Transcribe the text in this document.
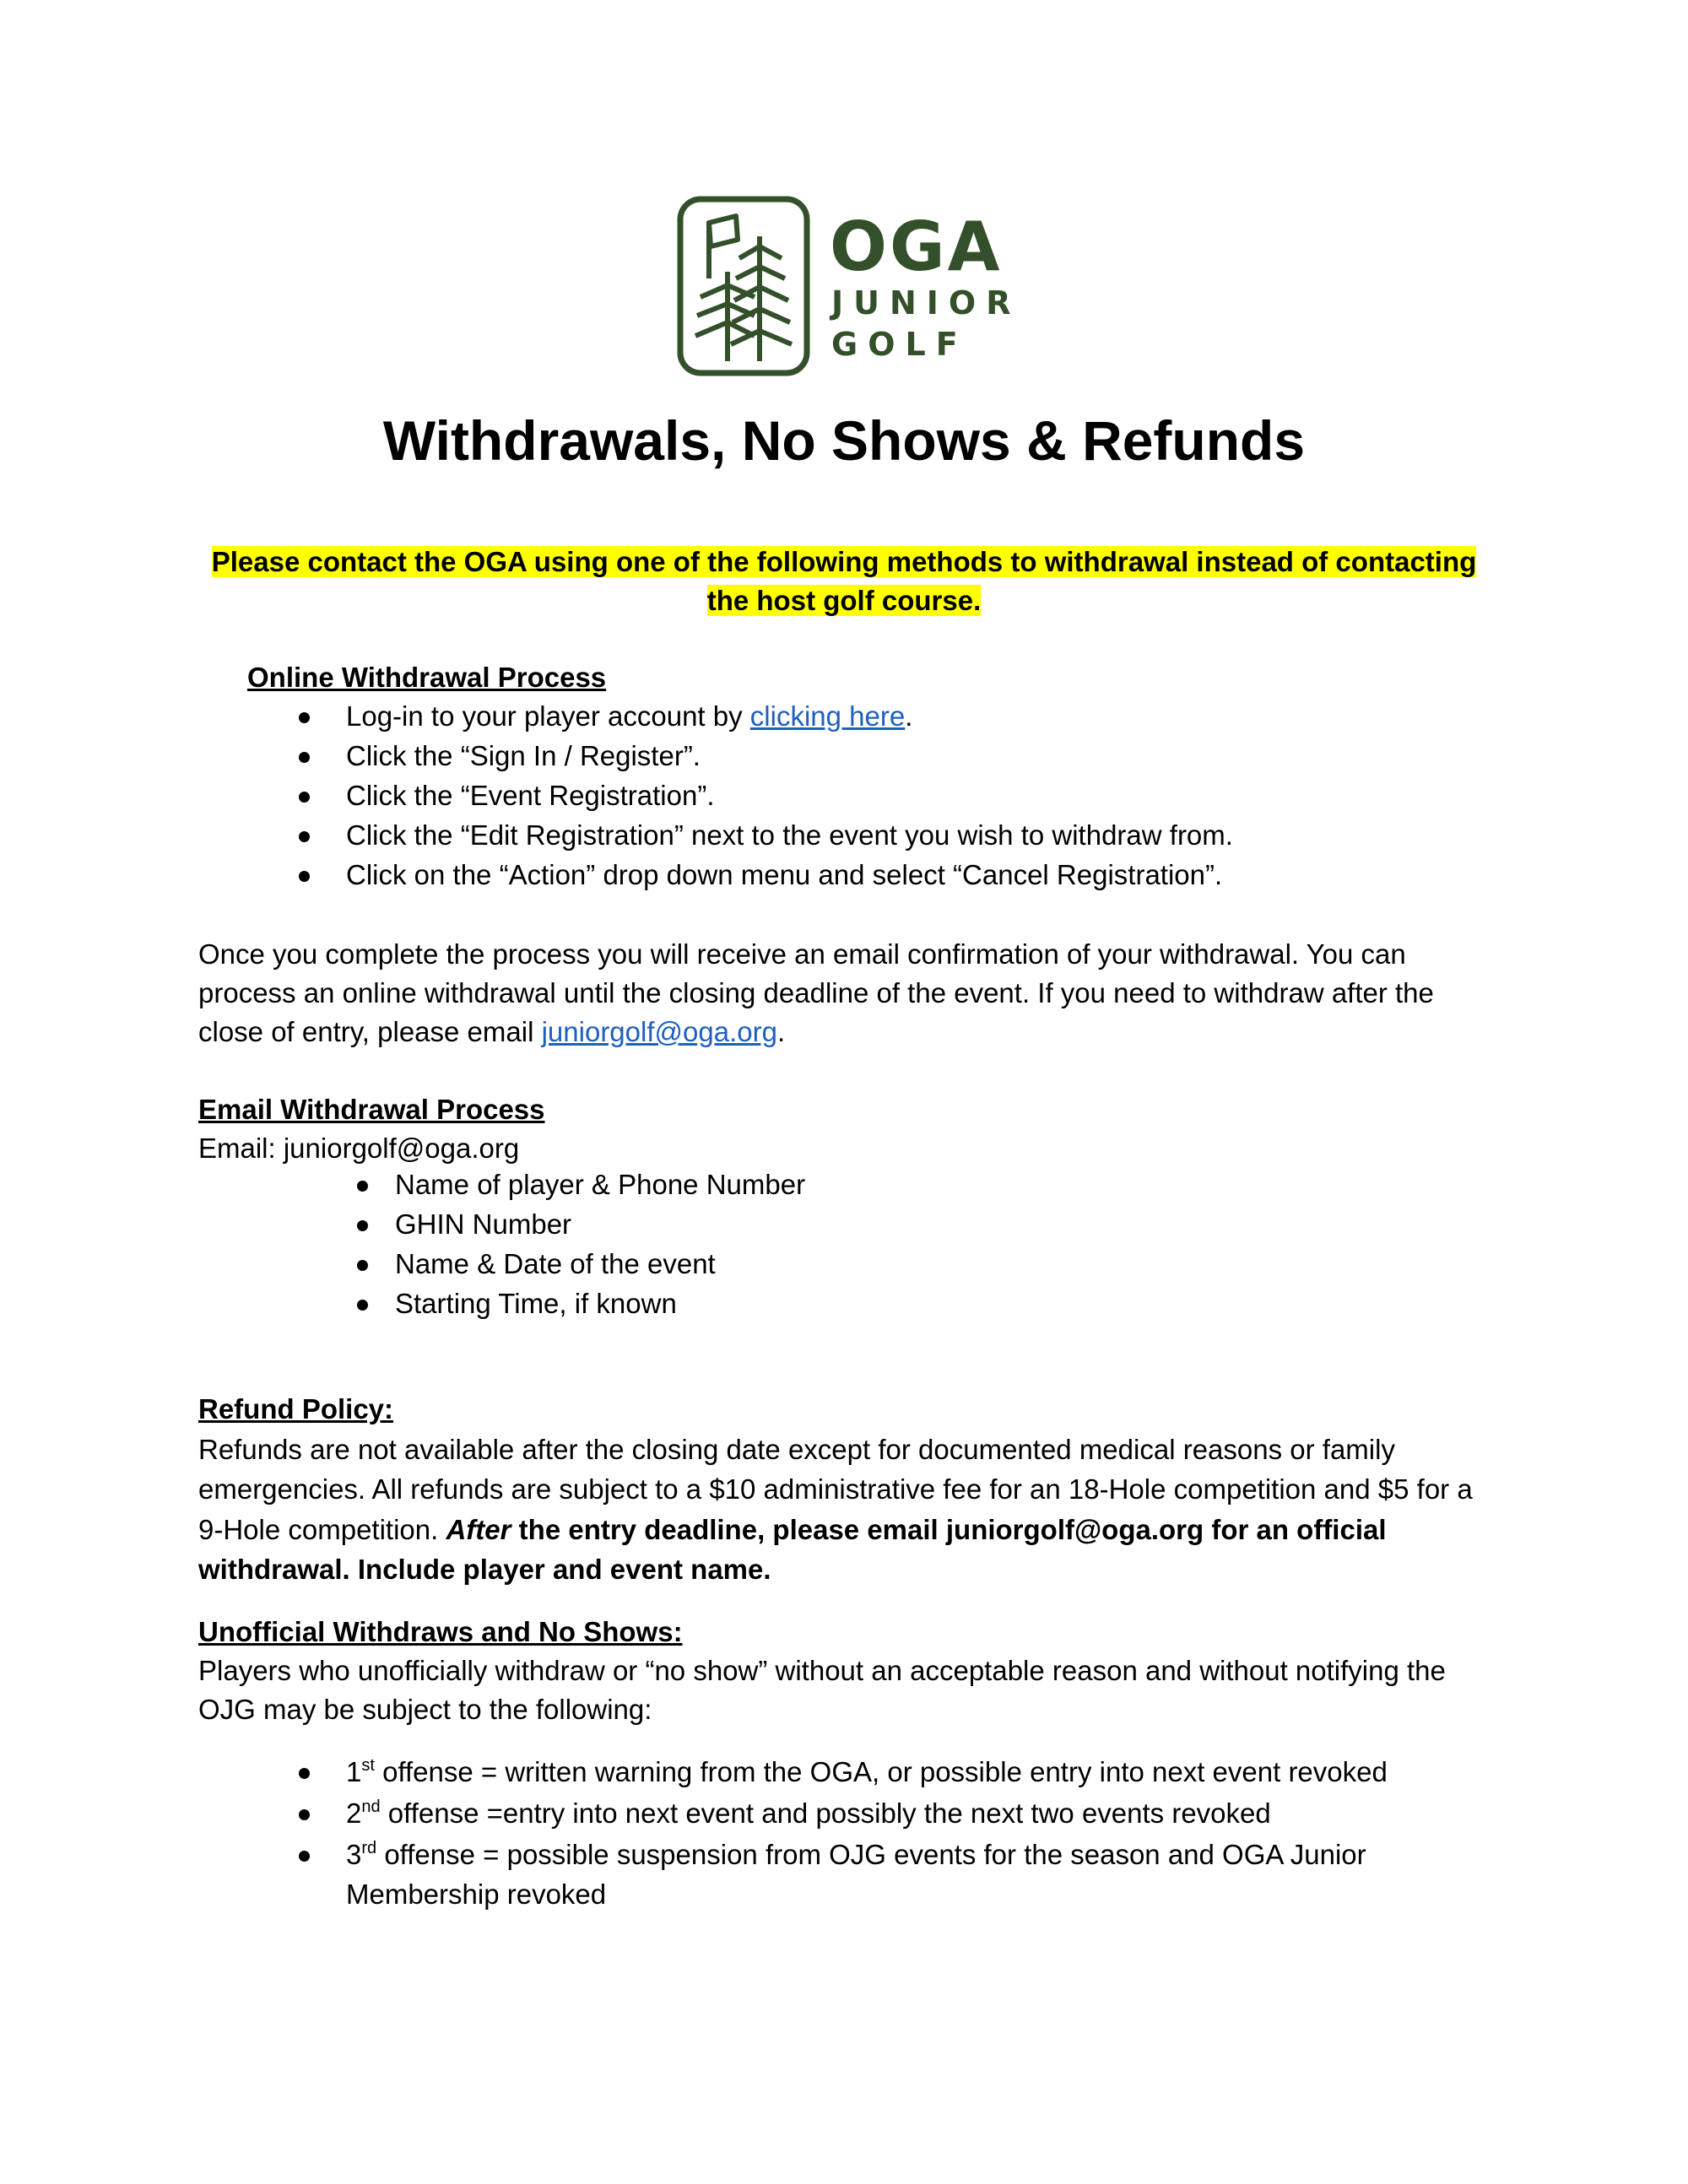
OGA
JUNIOR
GOLF
Withdrawals, No Shows & Refunds
Please contact the OGA using one of the following methods to withdrawal instead of contacting the host golf course.
Online Withdrawal Process
Log-in to your player account by clicking here.
Click the “Sign In / Register”.
Click the “Event Registration”.
Click the “Edit Registration” next to the event you wish to withdraw from.
Click on the “Action” drop down menu and select “Cancel Registration”.
Once you complete the process you will receive an email confirmation of your withdrawal. You can process an online withdrawal until the closing deadline of the event. If you need to withdraw after the close of entry, please email juniorgolf@oga.org.
Email Withdrawal Process
Email: juniorgolf@oga.org
Name of player & Phone Number
GHIN Number
Name & Date of the event
Starting Time, if known
Refund Policy:
Refunds are not available after the closing date except for documented medical reasons or family emergencies. All refunds are subject to a $10 administrative fee for an 18-Hole competition and $5 for a 9-Hole competition. After the entry deadline, please email juniorgolf@oga.org for an official withdrawal. Include player and event name.
Unofficial Withdraws and No Shows:
Players who unofficially withdraw or “no show” without an acceptable reason and without notifying the OJG may be subject to the following:
1st offense = written warning from the OGA, or possible entry into next event revoked
2nd offense =entry into next event and possibly the next two events revoked
3rd offense = possible suspension from OJG events for the season and OGA Junior Membership revoked
